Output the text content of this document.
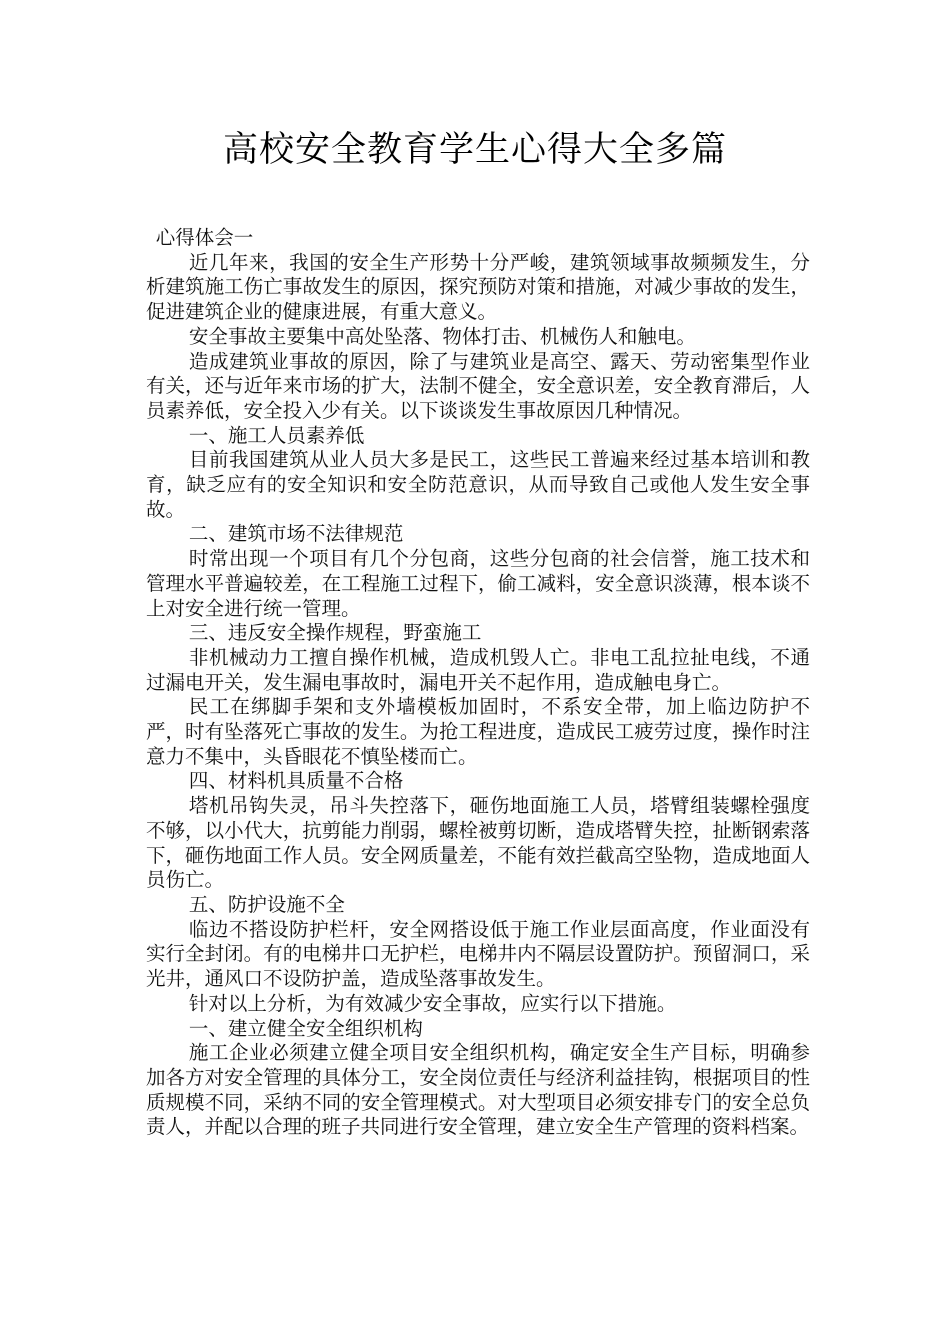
高校安全教育学生心得大全多篇

心得体会一

近几年来，我国的安全生产形势十分严峻，建筑领域事故频频发生，分析建筑施工伤亡事故发生的原因，探究预防对策和措施，对减少事故的发生，促进建筑企业的健康进展，有重大意义。

安全事故主要集中高处坠落、物体打击、机械伤人和触电。

造成建筑业事故的原因，除了与建筑业是高空、露天、劳动密集型作业有关，还与近年来市场的扩大，法制不健全，安全意识差，安全教育滞后，人员素养低，安全投入少有关。以下谈谈发生事故原因几种情况。

一、施工人员素养低

目前我国建筑从业人员大多是民工，这些民工普遍来经过基本培训和教育，缺乏应有的安全知识和安全防范意识，从而导致自己或他人发生安全事故。

二、建筑市场不法律规范

时常出现一个项目有几个分包商，这些分包商的社会信誉，施工技术和管理水平普遍较差，在工程施工过程下，偷工减料，安全意识淡薄，根本谈不上对安全进行统一管理。

三、违反安全操作规程，野蛮施工

非机械动力工擅自操作机械，造成机毁人亡。非电工乱拉扯电线，不通过漏电开关，发生漏电事故时，漏电开关不起作用，造成触电身亡。

民工在绑脚手架和支外墙模板加固时，不系安全带，加上临边防护不严，时有坠落死亡事故的发生。为抢工程进度，造成民工疲劳过度，操作时注意力不集中，头昏眼花不慎坠楼而亡。

四、材料机具质量不合格

塔机吊钩失灵，吊斗失控落下，砸伤地面施工人员，塔臂组装螺栓强度不够，以小代大，抗剪能力削弱，螺栓被剪切断，造成塔臂失控，扯断钢索落下，砸伤地面工作人员。安全网质量差，不能有效拦截高空坠物，造成地面人员伤亡。

五、防护设施不全

临边不搭设防护栏杆，安全网搭设低于施工作业层面高度，作业面没有实行全封闭。有的电梯井口无护栏，电梯井内不隔层设置防护。预留洞口，采光井，通风口不设防护盖，造成坠落事故发生。

针对以上分析，为有效减少安全事故，应实行以下措施。

一、建立健全安全组织机构

施工企业必须建立健全项目安全组织机构，确定安全生产目标，明确参加各方对安全管理的具体分工，安全岗位责任与经济利益挂钩，根据项目的性质规模不同，采纳不同的安全管理模式。对大型项目必须安排专门的安全总负责人，并配以合理的班子共同进行安全管理，建立安全生产管理的资料档案。
